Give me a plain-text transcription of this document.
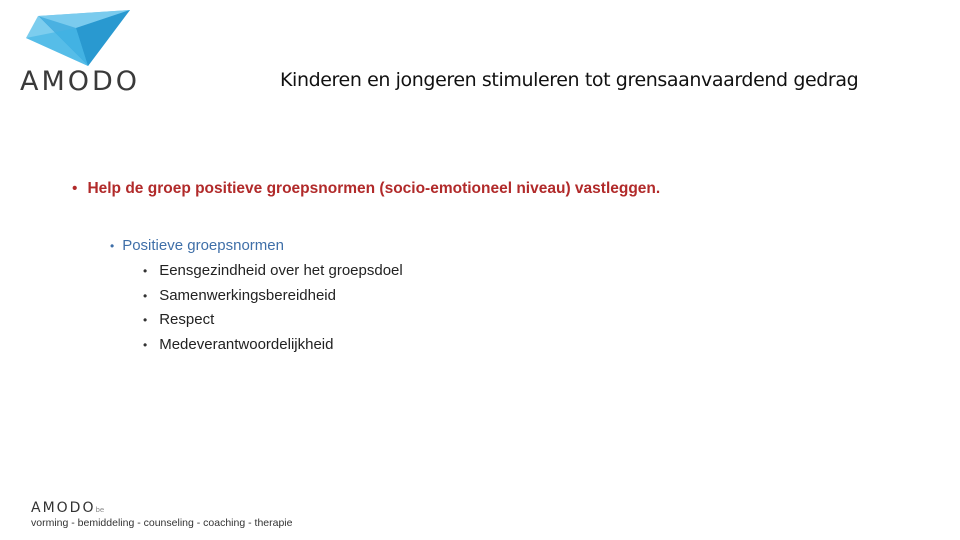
AMODO	Kinderen en jongeren stimuleren tot grensaanvaardend gedrag
• Help de groep positieve groepsnormen (socio-emotioneel niveau) vastleggen.
• Positieve groepsnormen
• Eensgezindheid over het groepsdoel
• Samenwerkingsbereidheid
• Respect
• Medeverantwoordelijkheid
AMODObe
vorming - bemiddeling - counseling - coaching - therapie
